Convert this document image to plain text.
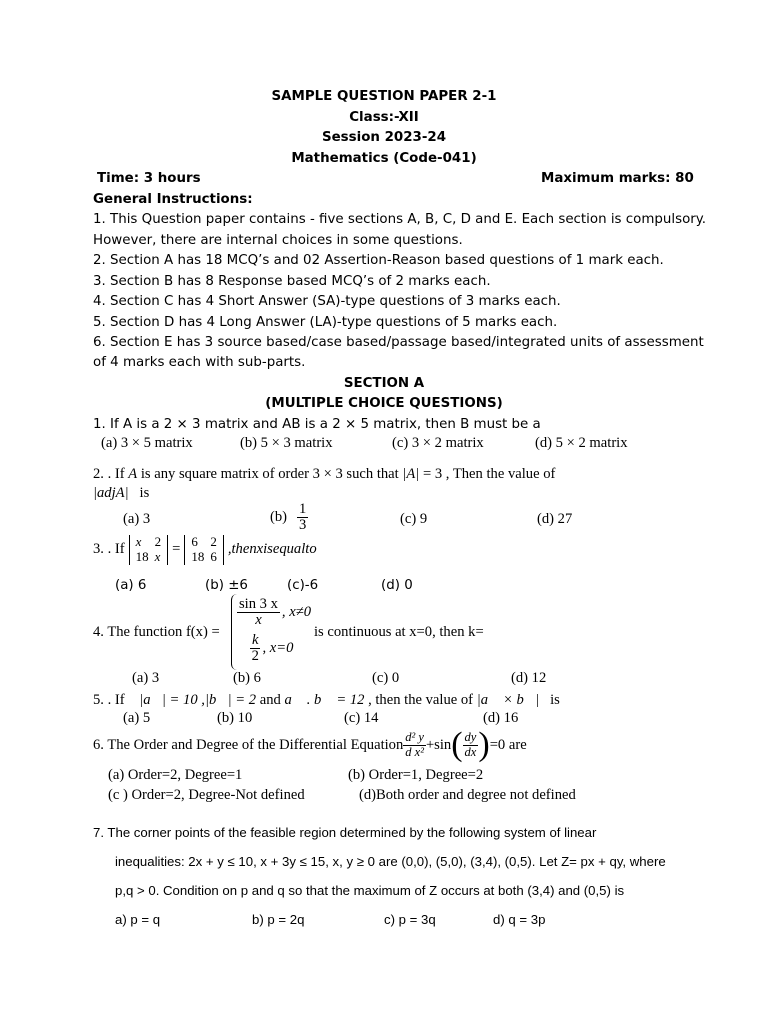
SAMPLE QUESTION PAPER 2-1
Class:-XII
Session 2023-24
Mathematics (Code-041)
Time: 3 hours	Maximum marks: 80
General Instructions:
1. This Question paper contains - five sections A, B, C, D and E. Each section is compulsory.
However, there are internal choices in some questions.
2. Section A has 18 MCQ’s and 02 Assertion-Reason based questions of 1 mark each.
3. Section B has 8 Response based MCQ’s of 2 marks each.
4. Section C has 4 Short Answer (SA)-type questions of 3 marks each.
5. Section D has 4 Long Answer (LA)-type questions of 5 marks each.
6. Section E has 3 source based/case based/passage based/integrated units of assessment
of 4 marks each with sub-parts.
SECTION A
(MULTIPLE CHOICE QUESTIONS)
1. If A is a 2 × 3 matrix and AB is a 2 × 5 matrix, then B must be a
(a) 3 × 5 matrix	(b) 5 × 3 matrix	(c) 3 × 2 matrix	(d) 5 × 2 matrix
2. . If A is any square matrix of order 3 × 3 such that |A| = 3 , Then the value of
|adjA| is
(a) 3	$(b) \frac{1}{3}$	(c) 9	(d) 27
3. . If x	2
18	x = 6	2
18	6 ,thenxisequalto
(a) 6	(b) ±6	(c)-6	(d) 0
4. The function f(x) =
$\frac{\sin 3 x}{x}$ , x≠0
$\frac{k}{2}$ , x=0
is continuous at x=0, then k=
(a) 3	(b) 6	(c) 0	(d) 12
5. . If    |a⃗| = 10 ,|b⃗| = 2 and a⃗ . b⃗ = 12 , then the value of |a⃗ × b⃗| is
(a) 5	(b) 10	(c) 14	(d) 16
6. The Order and Degree of the Differential Equation $\frac{\text{d² y}}{\text{d x²}} +\sin$ ( $\frac{dy}{dx}$ ) =0 are
(a) Order=2, Degree=1	(b) Order=1, Degree=2
(c ) Order=2, Degree-Not defined	(d)Both order and degree not defined
7. The corner points of the feasible region determined by the following system of linear
inequalities: 2x + y ≤ 10, x + 3y ≤ 15, x, y ≥ 0 are (0,0), (5,0), (3,4), (0,5). Let Z= px + qy, where
p,q > 0. Condition on p and q so that the maximum of Z occurs at both (3,4) and (0,5) is
a) p = q	b) p = 2q	c) p = 3q	d) q = 3p
